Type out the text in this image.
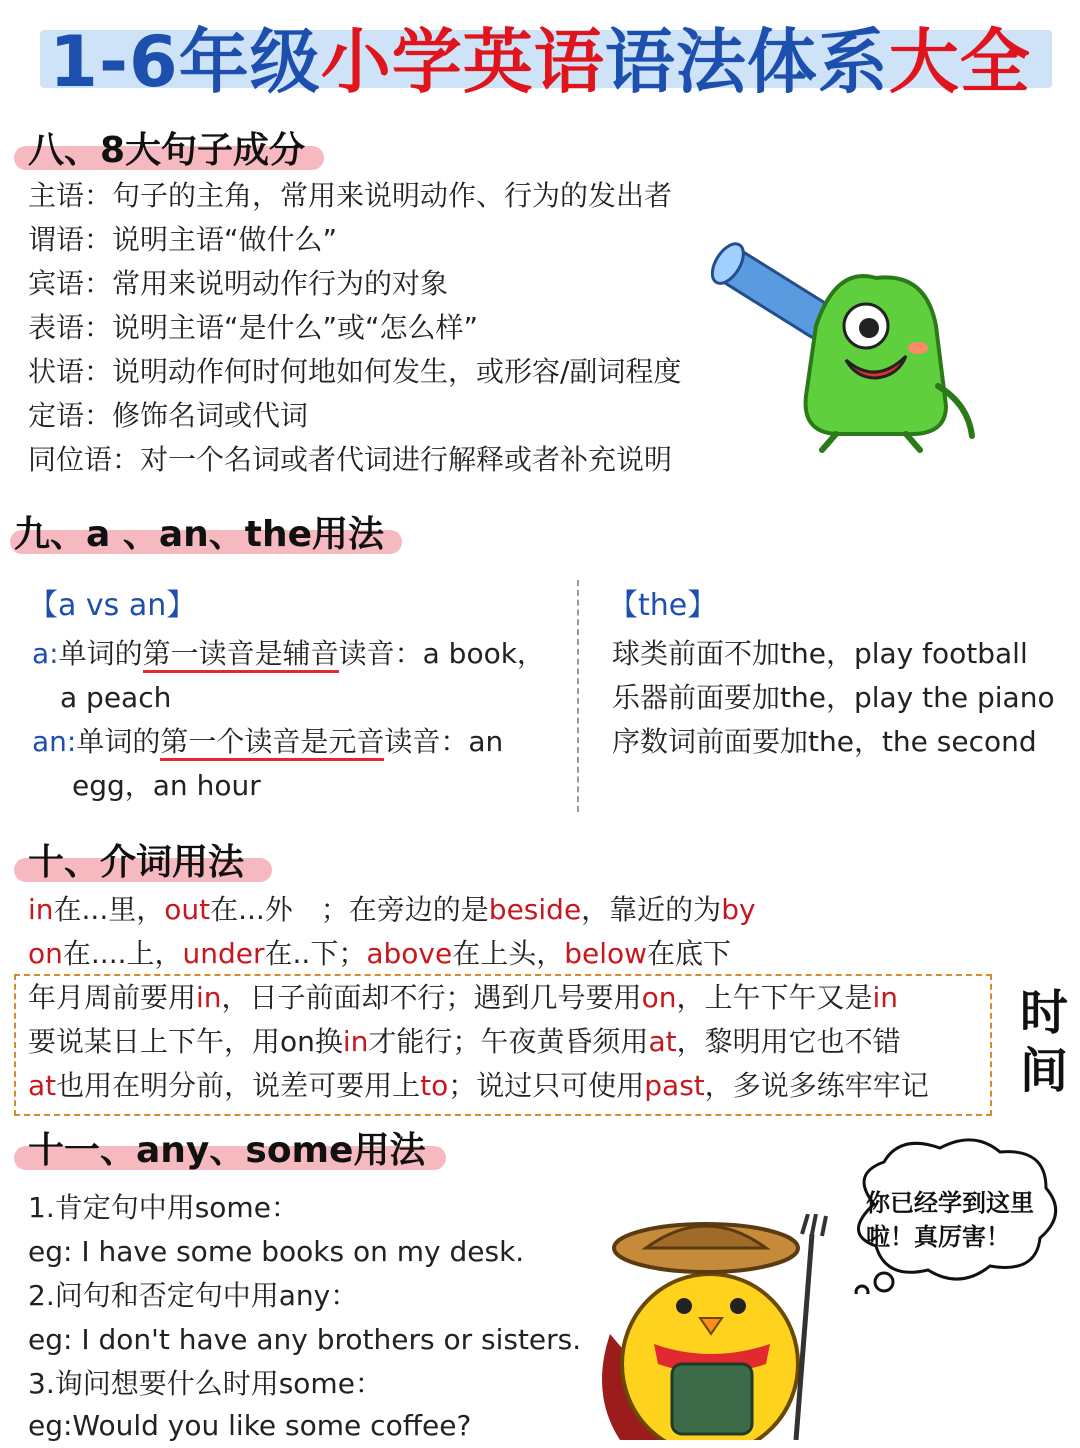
1-6年级小学英语语法体系大全
八、8大句子成分
主语：句子的主角，常用来说明动作、行为的发出者
谓语：说明主语“做什么”
宾语：常用来说明动作行为的对象
表语：说明主语“是什么”或“怎么样”
状语：说明动作何时何地如何发生，或形容/副词程度
定语：修饰名词或代词
同位语：对一个名词或者代词进行解释或者补充说明
九、a 、an、the用法
【a vs an】
a:单词的第一读音是辅音读音：a book，
a peach
an:单词的第一个读音是元音读音：an
egg，an hour
【the】
球类前面不加the，play football
乐器前面要加the，play the piano
序数词前面要加the，the second
十、介词用法
in在...里，out在...外　；在旁边的是beside，靠近的为by
on在....上，under在..下；above在上头，below在底下
年月周前要用in，日子前面却不行；遇到几号要用on，上午下午又是in
要说某日上下午，用on换in才能行；午夜黄昏须用at，黎明用它也不错
at也用在明分前，说差可要用上to；说过只可使用past，多说多练牢牢记
时
间
十一、any、some用法
1.肯定句中用some：
eg: I have some books on my desk.
2.问句和否定句中用any：
eg: I don't have any brothers or sisters.
3.询问想要什么时用some：
eg:Would you like some coffee?
你已经学到这里
啦！真厉害！
